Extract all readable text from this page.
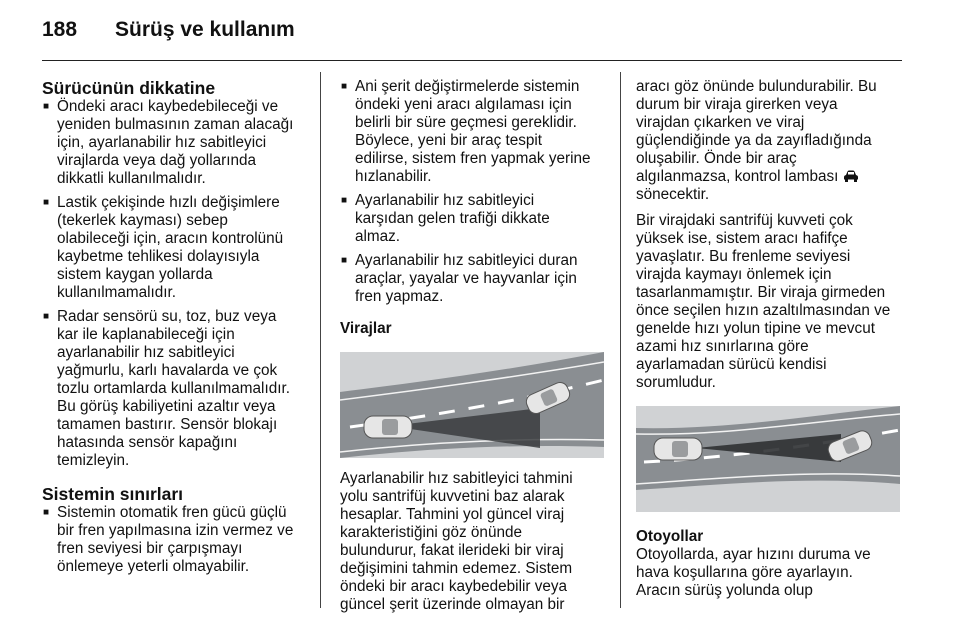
188 Sürüş ve kullanım
Sürücünün dikkatine
■ Öndeki aracı kaybedebileceği ve
yeniden bulmasının zaman alacağı
için, ayarlanabilir hız sabitleyici
virajlarda veya dağ yollarında
dikkatli kullanılmalıdır.
■ Lastik çekişinde hızlı değişimlere
(tekerlek kayması) sebep
olabileceği için, aracın kontrolünü
kaybetme tehlikesi dolayısıyla
sistem kaygan yollarda
kullanılmamalıdır.
■ Radar sensörü su, toz, buz veya
kar ile kaplanabileceği için
ayarlanabilir hız sabitleyici
yağmurlu, karlı havalarda ve çok
tozlu ortamlarda kullanılmamalıdır.
Bu görüş kabiliyetini azaltır veya
tamamen bastırır. Sensör blokajı
hatasında sensör kapağını
temizleyin.
Sistemin sınırları
■ Sistemin otomatik fren gücü güçlü
bir fren yapılmasına izin vermez ve
fren seviyesi bir çarpışmayı
önlemeye yeterli olmayabilir.
■ Ani şerit değiştirmelerde sistemin
öndeki yeni aracı algılaması için
belirli bir süre geçmesi gereklidir.
Böylece, yeni bir araç tespit
edilirse, sistem fren yapmak yerine
hızlanabilir.
■ Ayarlanabilir hız sabitleyici
karşıdan gelen trafiği dikkate
almaz.
■ Ayarlanabilir hız sabitleyici duran
araçlar, yayalar ve hayvanlar için
fren yapmaz.
Virajlar

Ayarlanabilir hız sabitleyici tahmini
yolu santrifüj kuvvetini baz alarak
hesaplar. Tahmini yol güncel viraj
karakteristiğini göz önünde
bulundurur, fakat ilerideki bir viraj
değişimini tahmin edemez. Sistem
öndeki bir aracı kaybedebilir veya
güncel şerit üzerinde olmayan bir

aracı göz önünde bulundurabilir. Bu
durum bir viraja girerken veya
virajdan çıkarken ve viraj
güçlendiğinde ya da zayıfladığında
oluşabilir. Önde bir araç
algılanmazsa, kontrol lambası
sönecektir.

Bir virajdaki santrifüj kuvveti çok
yüksek ise, sistem aracı hafifçe
yavaşlatır. Bu frenleme seviyesi
virajda kaymayı önlemek için
tasarlanmamıştır. Bir viraja girmeden
önce seçilen hızın azaltılmasından ve
genelde hızı yolun tipine ve mevcut
azami hız sınırlarına göre
ayarlamadan sürücü kendisi
sorumludur.

Otoyollar

Otoyollarda, ayar hızını duruma ve
hava koşullarına göre ayarlayın.
Aracın sürüş yolunda olup
